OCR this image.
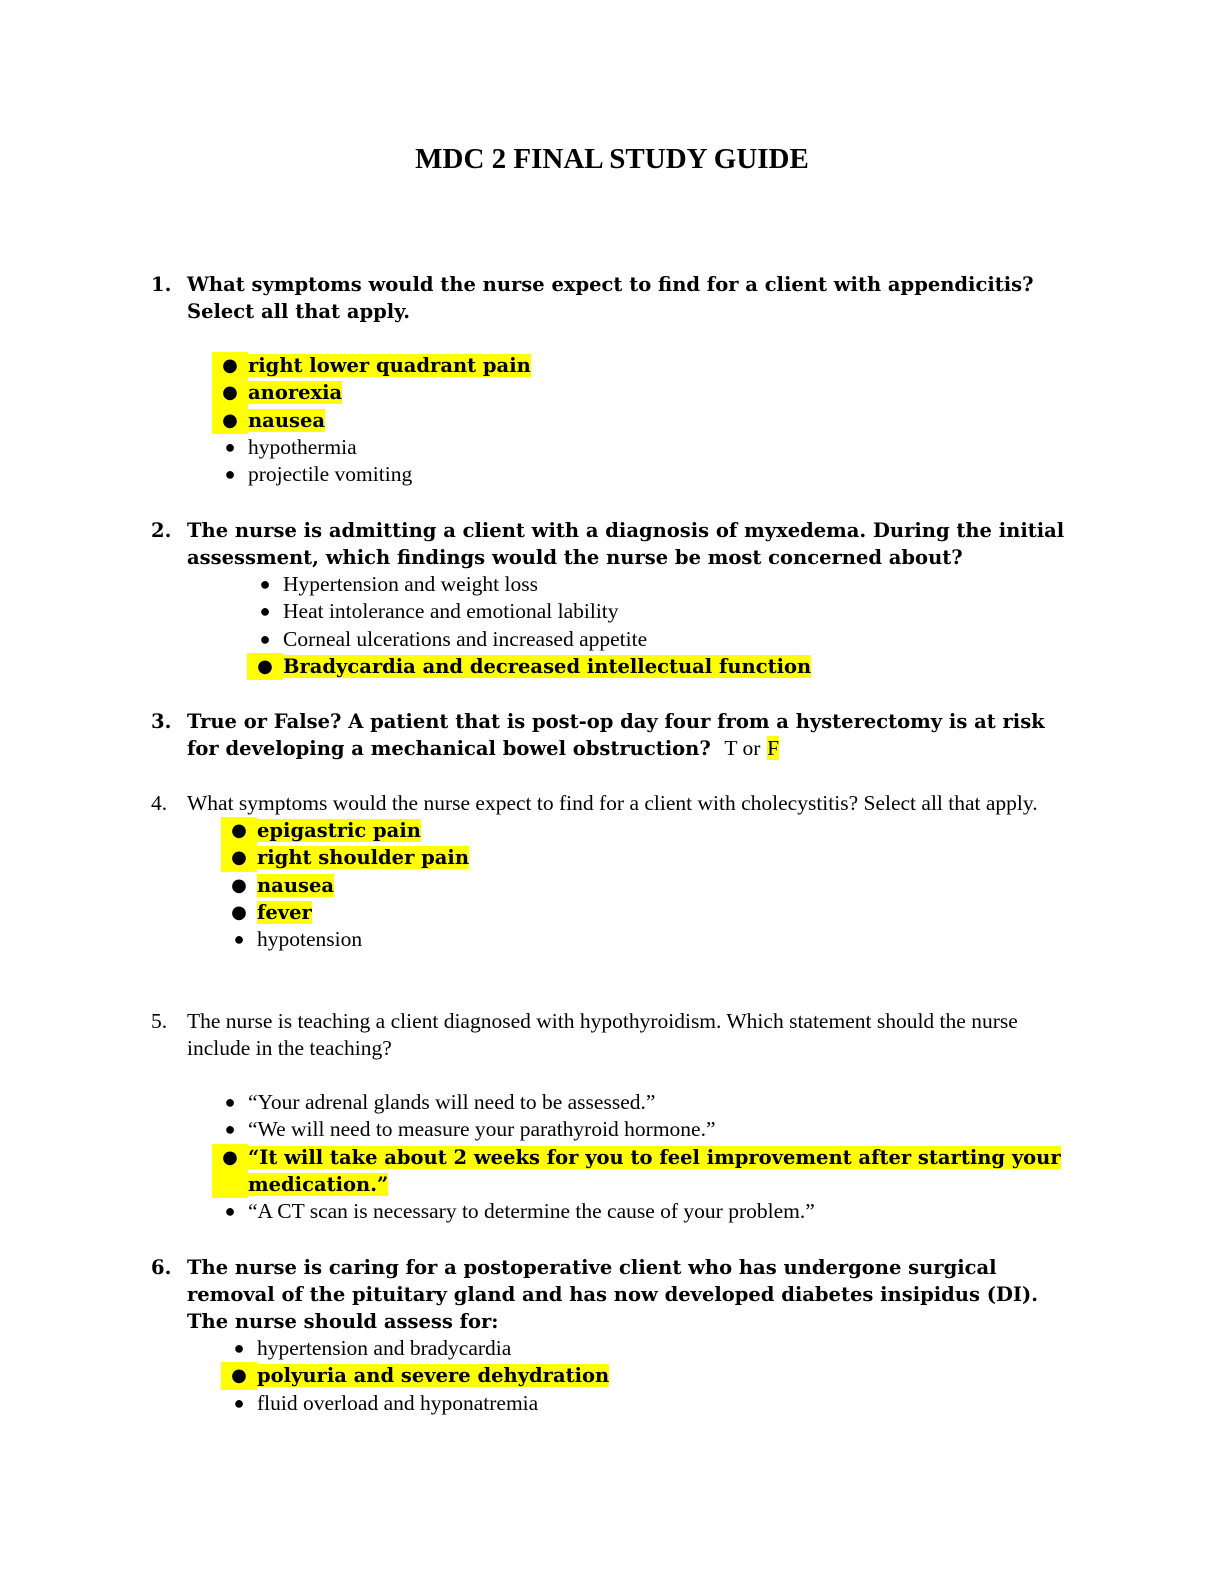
MDC 2 FINAL STUDY GUIDE
1. What symptoms would the nurse expect to find for a client with appendicitis? Select all that apply.
● right lower quadrant pain
● anorexia
● nausea
● hypothermia
● projectile vomiting
2. The nurse is admitting a client with a diagnosis of myxedema. During the initial assessment, which findings would the nurse be most concerned about?
● Hypertension and weight loss
● Heat intolerance and emotional lability
● Corneal ulcerations and increased appetite
● Bradycardia and decreased intellectual function
3. True or False? A patient that is post-op day four from a hysterectomy is at risk for developing a mechanical bowel obstruction? T or F
4. What symptoms would the nurse expect to find for a client with cholecystitis? Select all that apply.
● epigastric pain
● right shoulder pain
● nausea
● fever
● hypotension
5. The nurse is teaching a client diagnosed with hypothyroidism. Which statement should the nurse include in the teaching?
● “Your adrenal glands will need to be assessed.”
● “We will need to measure your parathyroid hormone.”
● “It will take about 2 weeks for you to feel improvement after starting your
medication.”
● “A CT scan is necessary to determine the cause of your problem.”
6. The nurse is caring for a postoperative client who has undergone surgical removal of the pituitary gland and has now developed diabetes insipidus (DI). The nurse should assess for:
● hypertension and bradycardia
● polyuria and severe dehydration
● fluid overload and hyponatremia
